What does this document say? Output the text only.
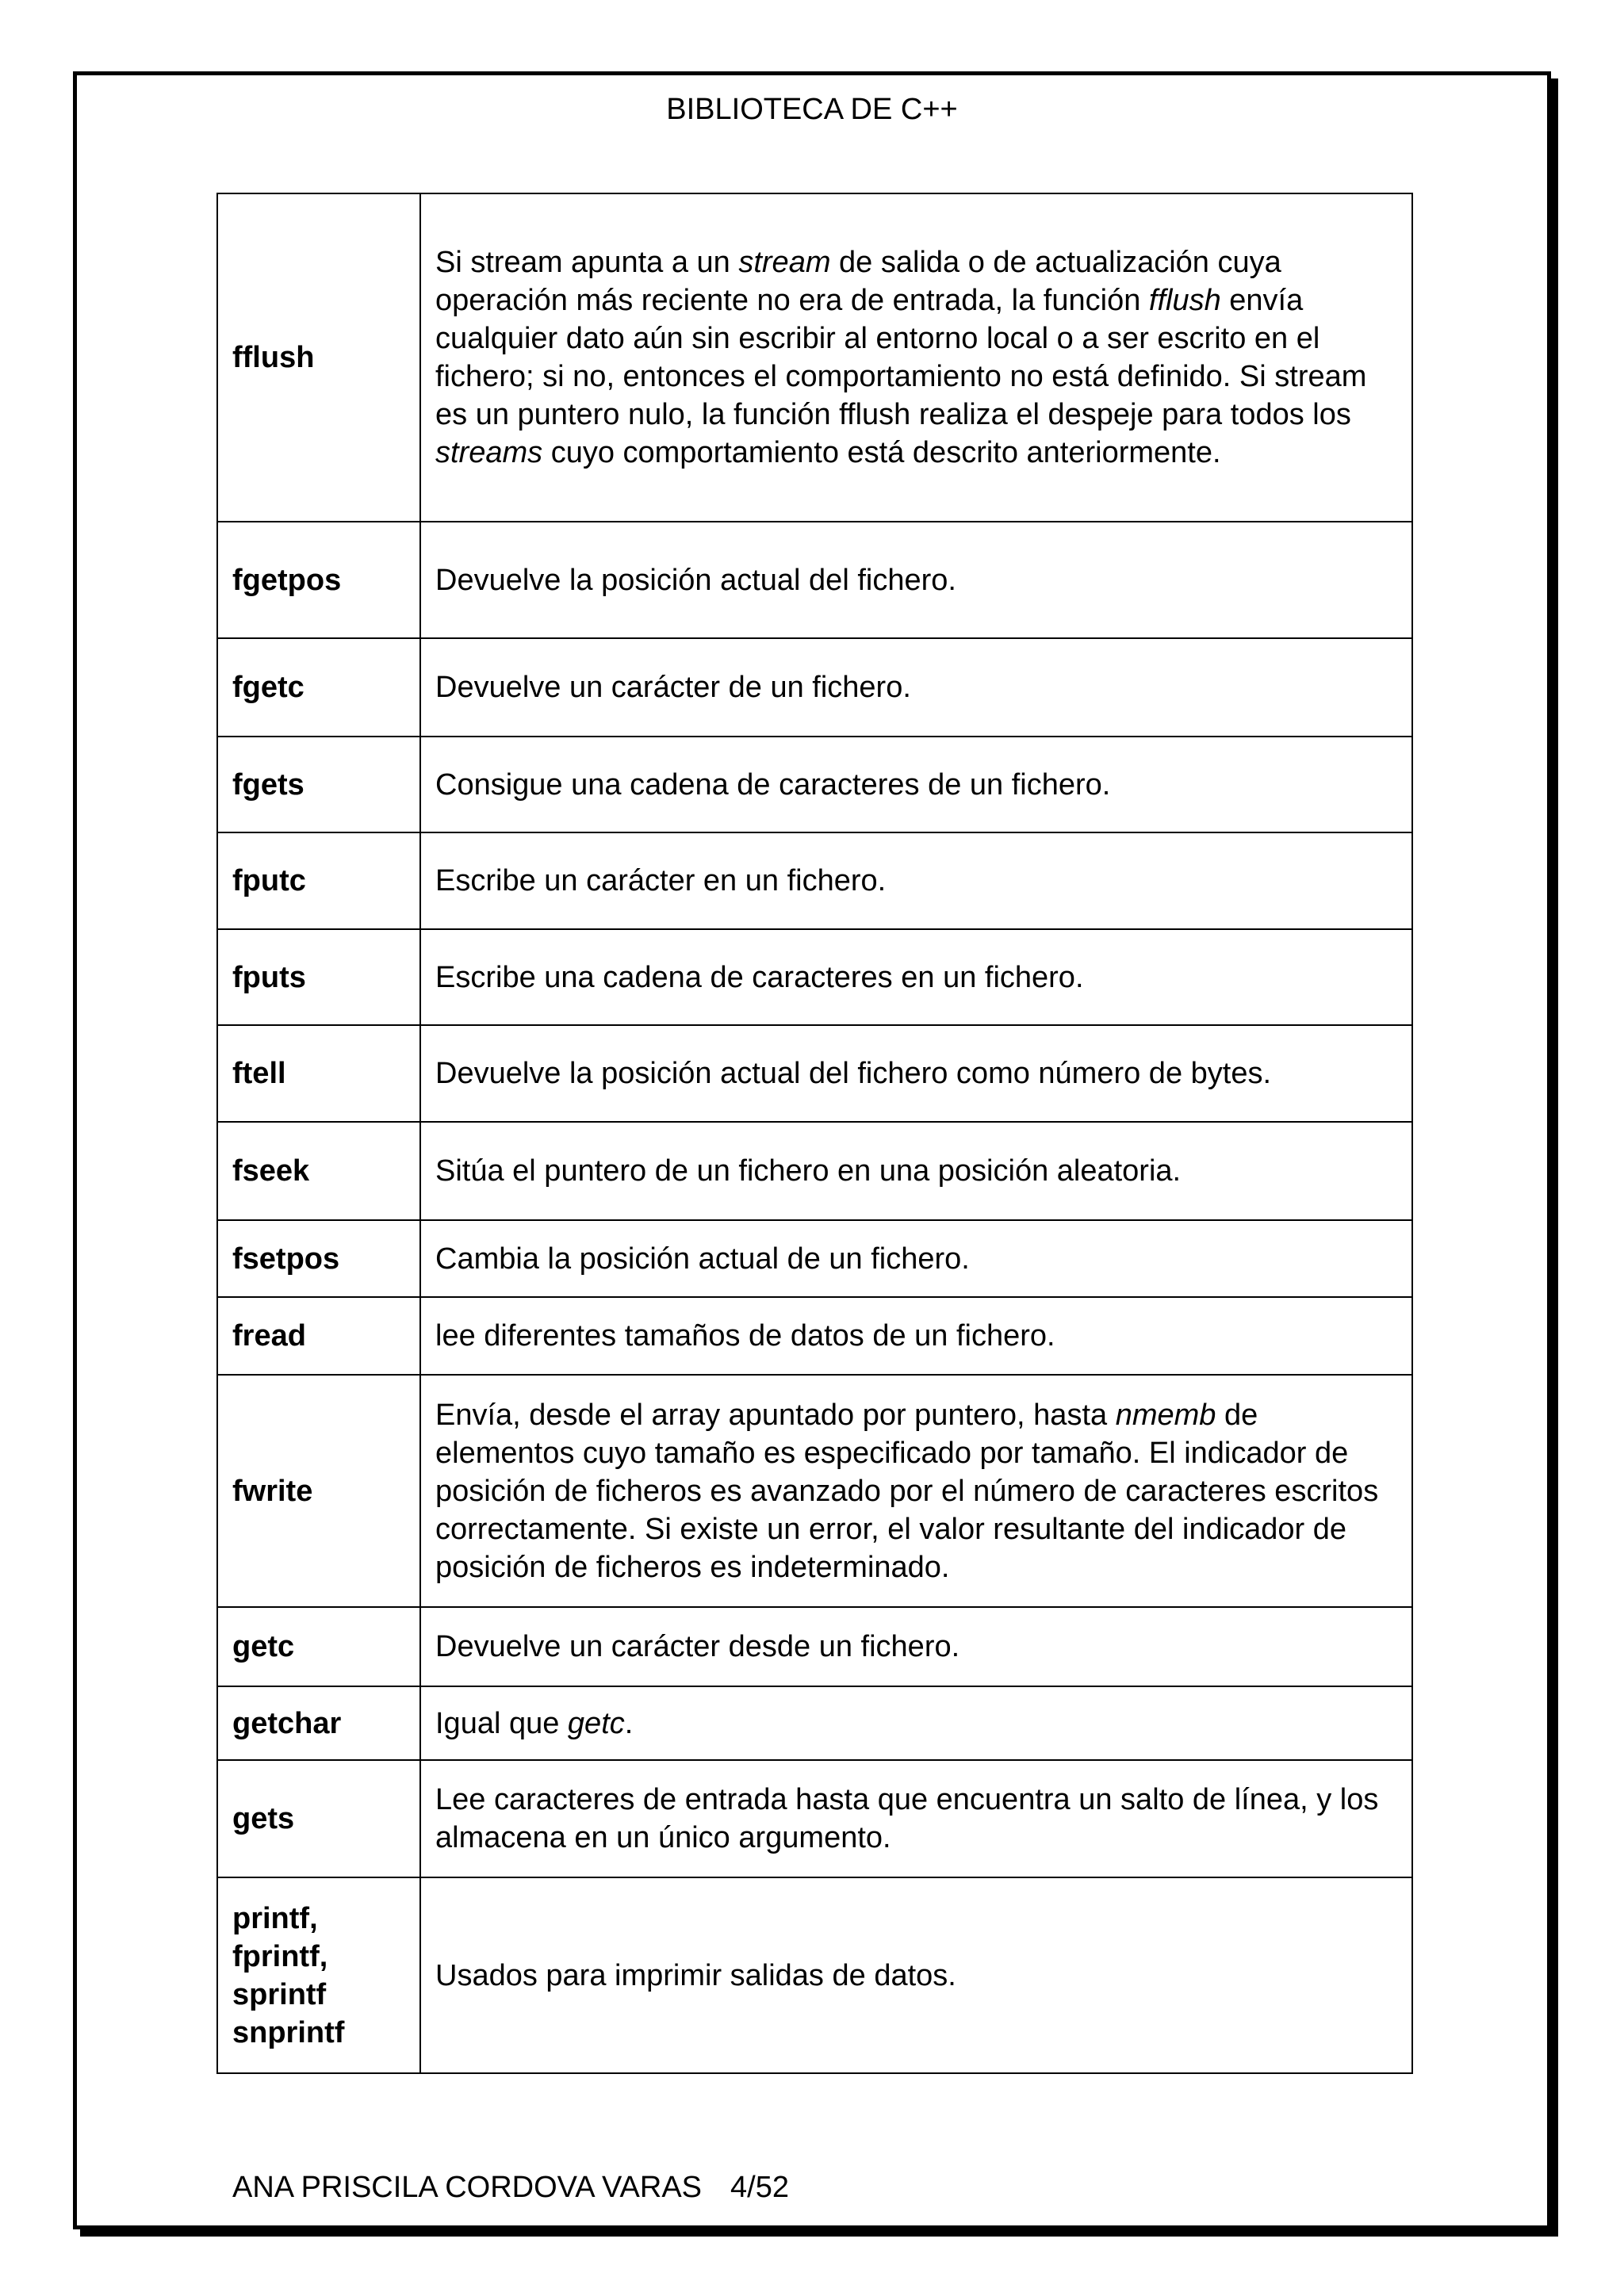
BIBLIOTECA DE C++
fflush	Si stream apunta a un stream de salida o de actualización cuya operación más reciente no era de entrada, la función fflush envía cualquier dato aún sin escribir al entorno local o a ser escrito en el fichero; si no, entonces el comportamiento no está definido. Si stream es un puntero nulo, la función fflush realiza el despeje para todos los streams cuyo comportamiento está descrito anteriormente.
fgetpos	Devuelve la posición actual del fichero.
fgetc	Devuelve un carácter de un fichero.
fgets	Consigue una cadena de caracteres de un fichero.
fputc	Escribe un carácter en un fichero.
fputs	Escribe una cadena de caracteres en un fichero.
ftell	Devuelve la posición actual del fichero como número de bytes.
fseek	Sitúa el puntero de un fichero en una posición aleatoria.
fsetpos	Cambia la posición actual de un fichero.
fread	lee diferentes tamaños de datos de un fichero.
fwrite	Envía, desde el array apuntado por puntero, hasta nmemb de elementos cuyo tamaño es especificado por tamaño. El indicador de posición de ficheros es avanzado por el número de caracteres escritos correctamente. Si existe un error, el valor resultante del indicador de posición de ficheros es indeterminado.
getc	Devuelve un carácter desde un fichero.
getchar	Igual que getc.
gets	Lee caracteres de entrada hasta que encuentra un salto de línea, y los almacena en un único argumento.
printf,
fprintf,
sprintf
snprintf	Usados para imprimir salidas de datos.
ANA PRISCILA CORDOVA VARAS 4/52
